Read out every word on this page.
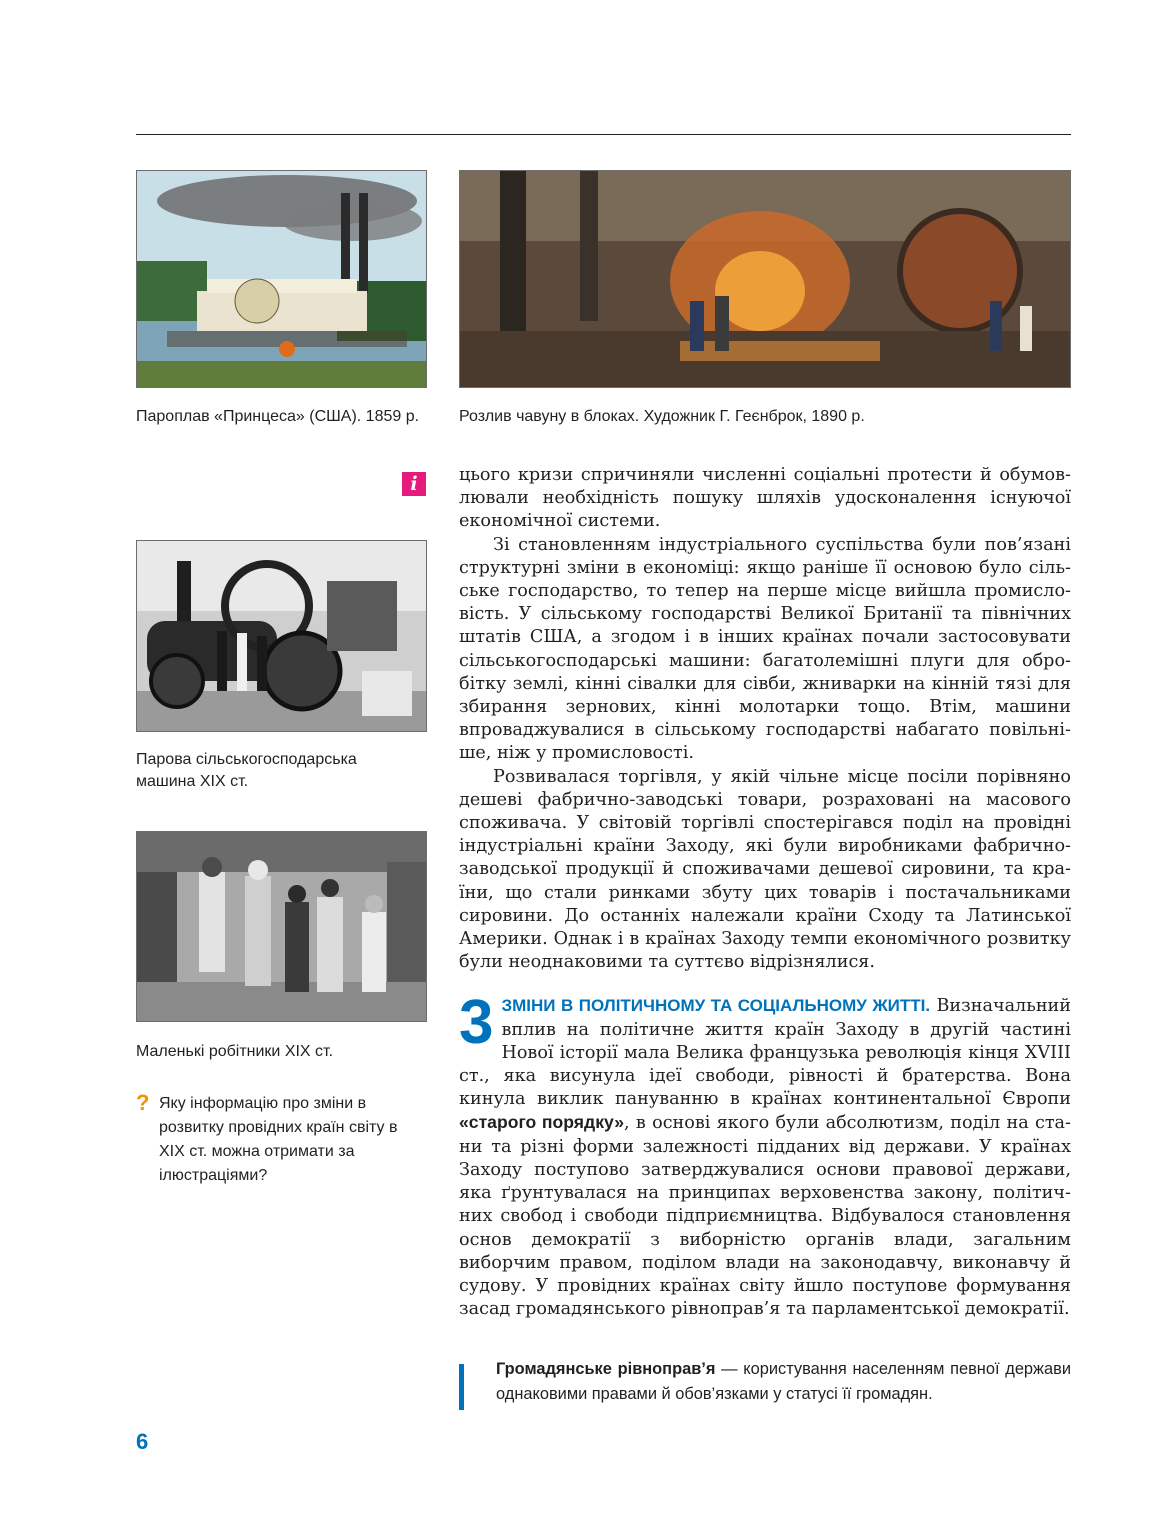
Пароплав «Принцеса» (США). 1859 р.	Розлив чавуну в блоках. Художник Г. Геєнброк, 1890 р.
i
Парова сільськогосподарська машина XIX ст.
Маленькі робітники XIX ст.
? Яку інформацію про зміни в розвитку провідних країн світу в XIX ст. можна отримати за ілюстраціями?

цього кризи спричиняли численні соціальні протести й обумовлювали необхідність пошуку шляхів удосконалення існуючої економічної системи.

Зі становленням індустріального суспільства були пов’язані структурні зміни в економіці: якщо раніше її основою було сільське господарство, то тепер на перше місце вийшла промисловість. У сільському господарстві Великої Британії та північних штатів США, а згодом і в інших країнах почали застосовувати сільськогосподарські машини: багатолемішні плуги для обробітку землі, кінні сівалки для сівби, жниварки на кінній тязі для збирання зернових, кінні молотарки тощо. Втім, машини впроваджувалися в сільському господарстві набагато повільніше, ніж у промисловості.

Розвивалася торгівля, у якій чільне місце посіли порівняно дешеві фабрично-заводські товари, розраховані на масового споживача. У світовій торгівлі спостерігався поділ на провідні індустріальні країни Заходу, які були виробниками фабричнозаводської продукції й споживачами дешевої сировини, та країни, що стали ринками збуту цих товарів і постачальниками сировини. До останніх належали країни Сходу та Латинської Америки. Однак і в країнах Заходу темпи економічного розвитку були неоднаковими та суттєво відрізнялися.

3 ЗМІНИ В ПОЛІТИЧНОМУ ТА СОЦІАЛЬНОМУ ЖИТТІ. Визначальний вплив на політичне життя країн Заходу в другій частині Нової історії мала Велика французька революція кінця XVIII ст., яка висунула ідеї свободи, рівності й братерства. Вона кинула виклик пануванню в країнах континентальної Європи «старого порядку», в основі якого були абсолютизм, поділ на стани та різні форми залежності підданих від держави. У країнах Заходу поступово затверджувалися основи правової держави, яка ґрунтувалася на принципах верховенства закону, політичних свобод і свободи підприємництва. Відбувалося становлення основ демократії з виборністю органів влади, загальним виборчим правом, поділом влади на законодавчу, виконавчу й судову. У провідних країнах світу йшло поступове формування засад громадянського рівноправ’я та парламентської демократії.

Громадянське рівноправ’я — користування населенням певної держави однаковими правами й обов’язками у статусі її громадян.
6
